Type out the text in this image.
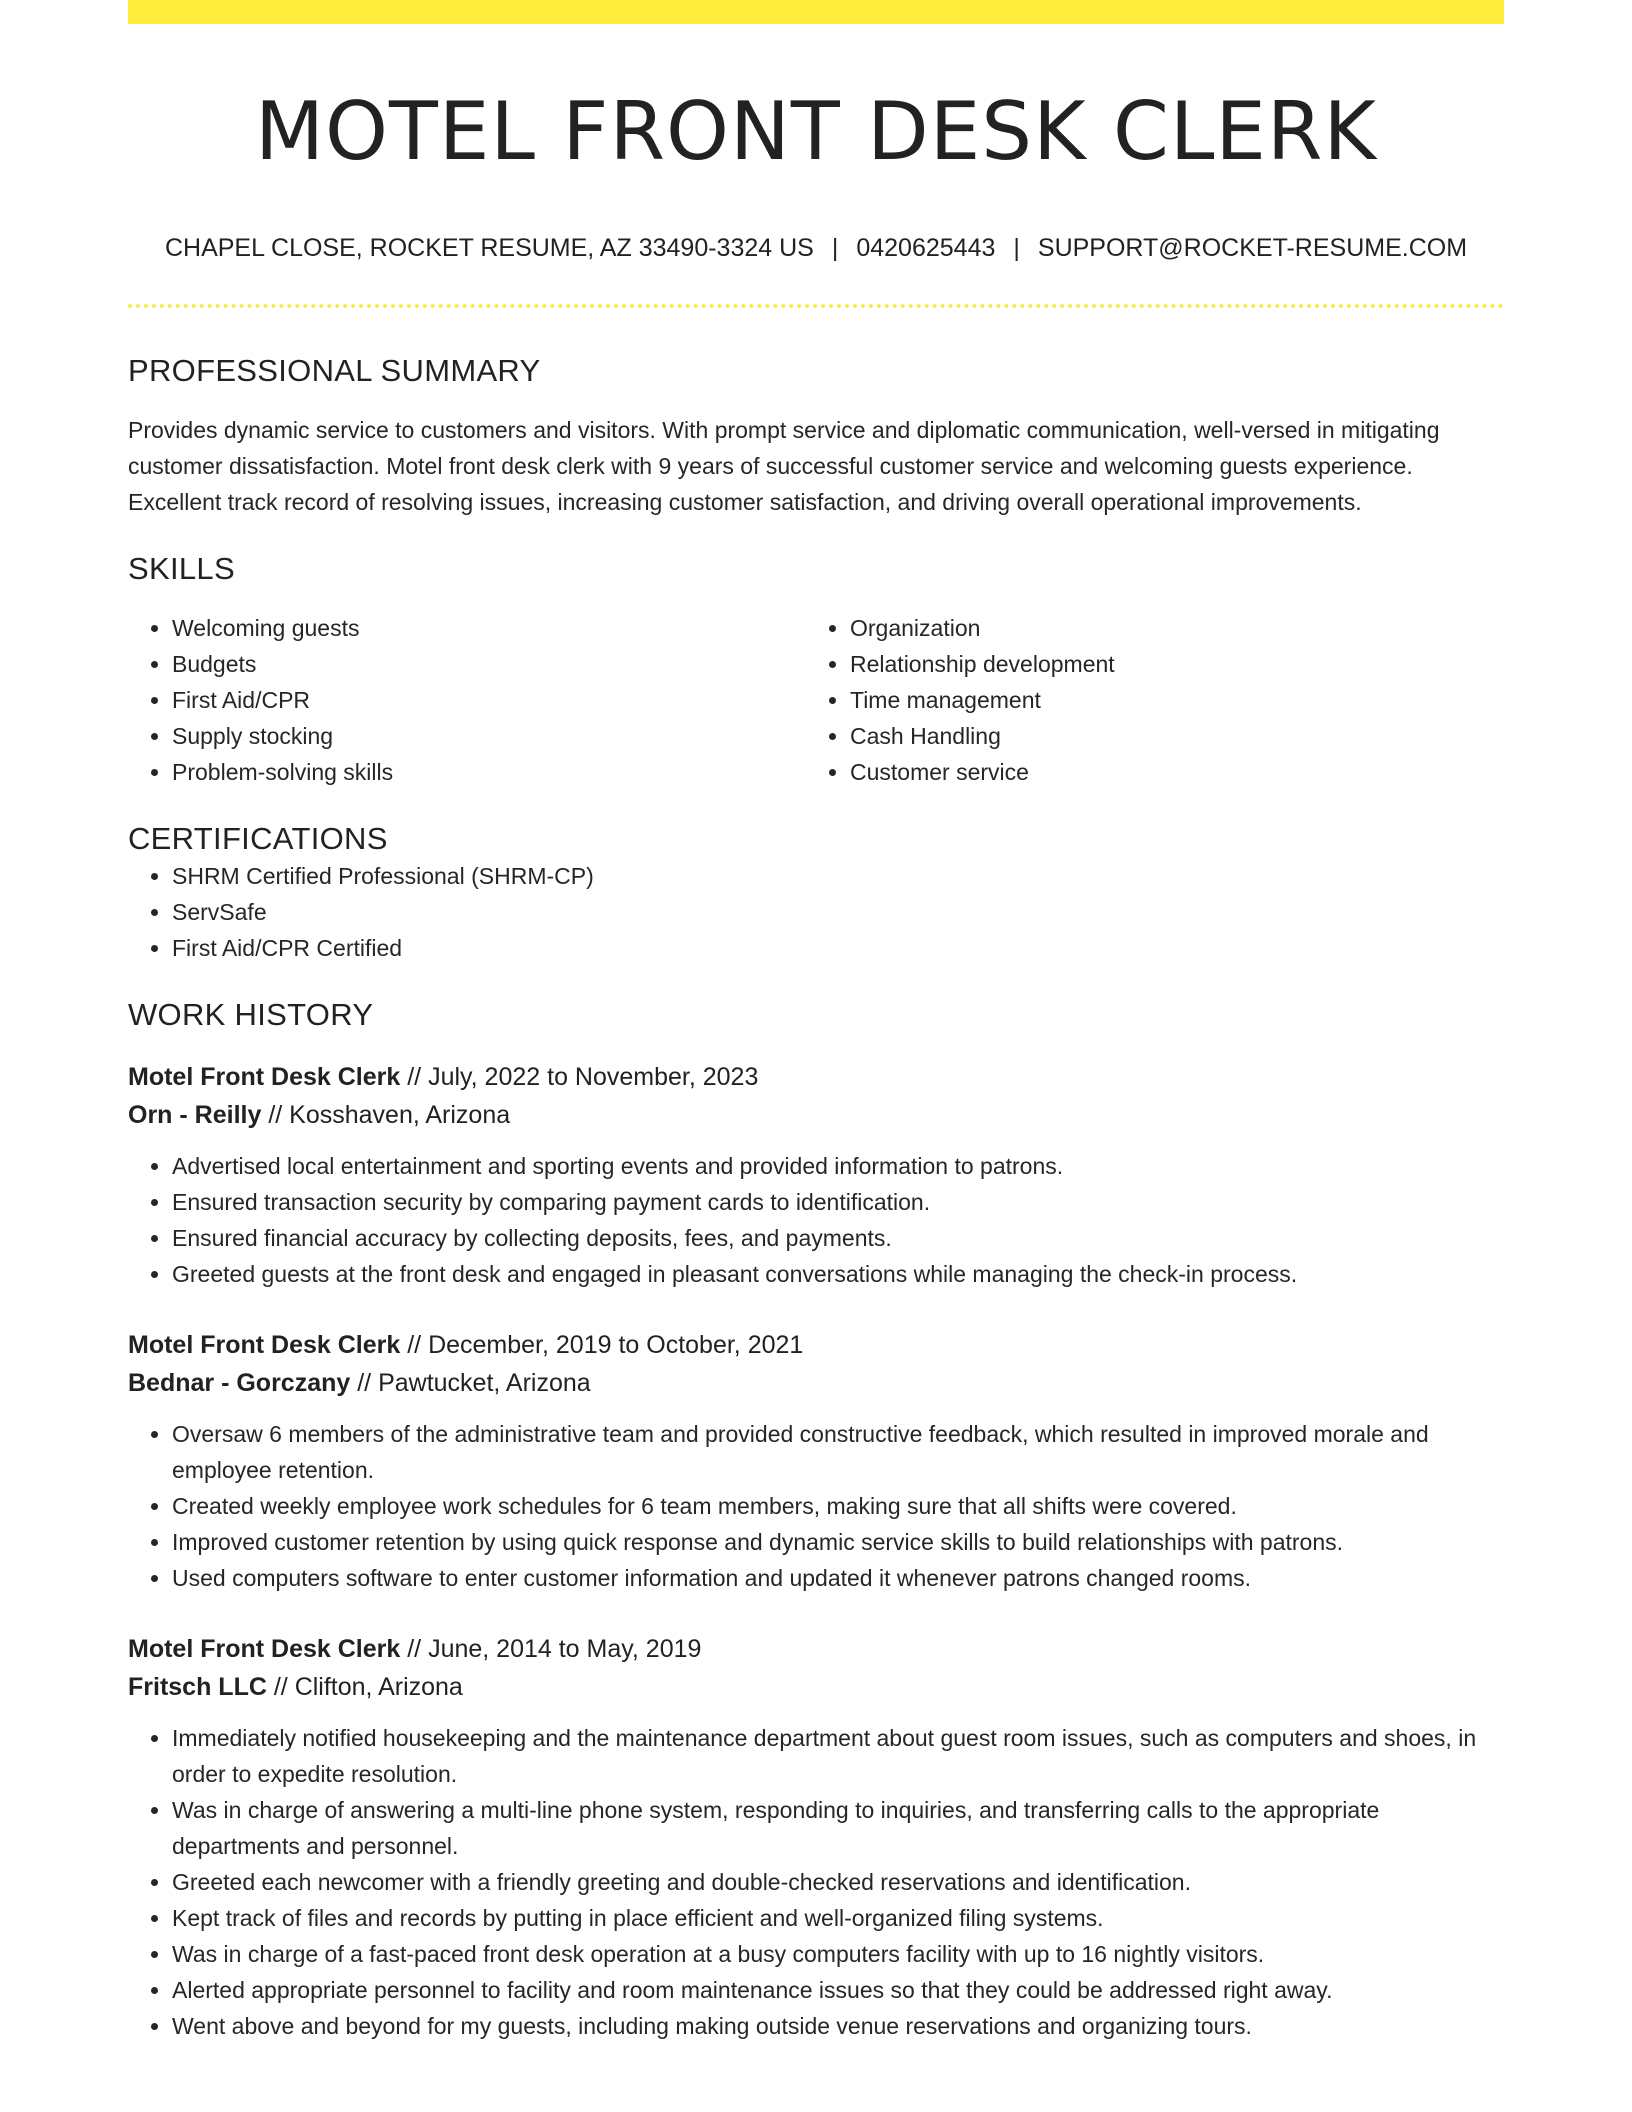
MOTEL FRONT DESK CLERK
CHAPEL CLOSE, ROCKET RESUME, AZ 33490-3324 US | 0420625443 | SUPPORT@ROCKET-RESUME.COM
PROFESSIONAL SUMMARY

Provides dynamic service to customers and visitors. With prompt service and diplomatic communication, well-versed in mitigating customer dissatisfaction. Motel front desk clerk with 9 years of successful customer service and welcoming guests experience. Excellent track record of resolving issues, increasing customer satisfaction, and driving overall operational improvements.

SKILLS
• Welcoming guests
• Budgets
• First Aid/CPR
• Supply stocking
• Problem-solving skills
• Organization
• Relationship development
• Time management
• Cash Handling
• Customer service
CERTIFICATIONS
• SHRM Certified Professional (SHRM-CP)
• ServSafe
• First Aid/CPR Certified
WORK HISTORY
Motel Front Desk Clerk // July, 2022 to November, 2023
Orn - Reilly // Kosshaven, Arizona
• Advertised local entertainment and sporting events and provided information to patrons.
• Ensured transaction security by comparing payment cards to identification.
• Ensured financial accuracy by collecting deposits, fees, and payments.
• Greeted guests at the front desk and engaged in pleasant conversations while managing the check-in process.
Motel Front Desk Clerk // December, 2019 to October, 2021
Bednar - Gorczany // Pawtucket, Arizona
• Oversaw 6 members of the administrative team and provided constructive feedback, which resulted in improved morale and employee retention.
• Created weekly employee work schedules for 6 team members, making sure that all shifts were covered.
• Improved customer retention by using quick response and dynamic service skills to build relationships with patrons.
• Used computers software to enter customer information and updated it whenever patrons changed rooms.
Motel Front Desk Clerk // June, 2014 to May, 2019
Fritsch LLC // Clifton, Arizona
• Immediately notified housekeeping and the maintenance department about guest room issues, such as computers and shoes, in order to expedite resolution.
• Was in charge of answering a multi-line phone system, responding to inquiries, and transferring calls to the appropriate departments and personnel.
• Greeted each newcomer with a friendly greeting and double-checked reservations and identification.
• Kept track of files and records by putting in place efficient and well-organized filing systems.
• Was in charge of a fast-paced front desk operation at a busy computers facility with up to 16 nightly visitors.
• Alerted appropriate personnel to facility and room maintenance issues so that they could be addressed right away.
• Went above and beyond for my guests, including making outside venue reservations and organizing tours.
